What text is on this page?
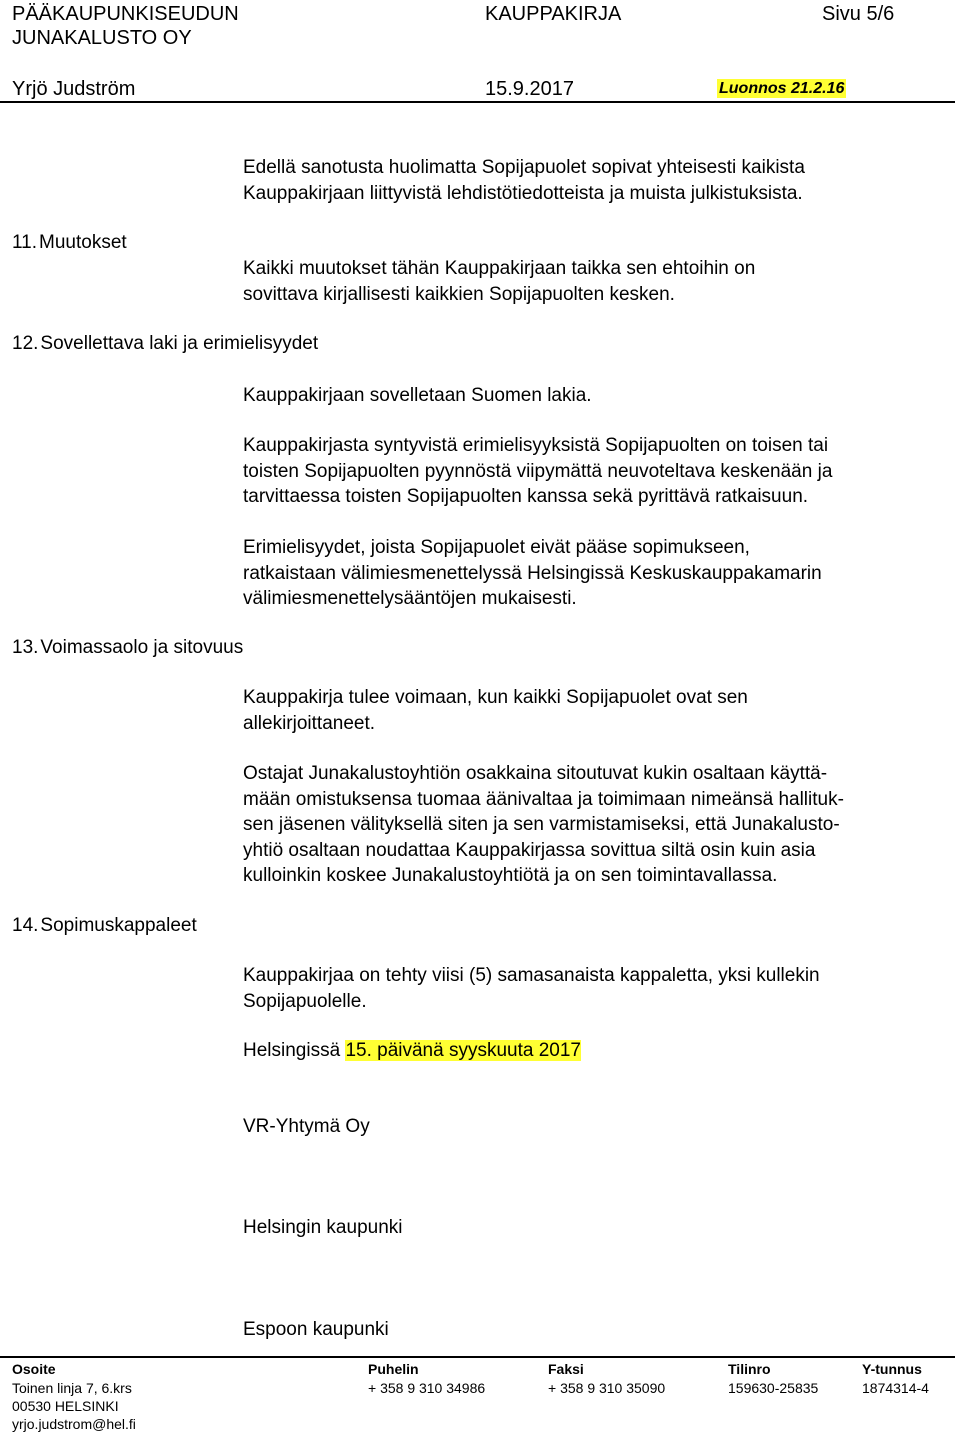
PÄÄKAUPUNKISEUDUN
JUNAKALUSTO OY
KAUPPAKIRJA	Sivu 5/6
Yrjö Judström	15.9.2017	Luonnos 21.2.16
Edellä sanotusta huolimatta Sopijapuolet sopivat yhteisesti kaikista
Kauppakirjaan liittyvistä lehdistötiedotteista ja muista julkistuksista.
11. Muutokset
Kaikki muutokset tähän Kauppakirjaan taikka sen ehtoihin on
sovittava kirjallisesti kaikkien Sopijapuolten kesken.
12. Sovellettava laki ja erimielisyydet
Kauppakirjaan sovelletaan Suomen lakia.
Kauppakirjasta syntyvistä erimielisyyksistä Sopijapuolten on toisen tai
toisten Sopijapuolten pyynnöstä viipymättä neuvoteltava keskenään ja
tarvittaessa toisten Sopijapuolten kanssa sekä pyrittävä ratkaisuun.
Erimielisyydet, joista Sopijapuolet eivät pääse sopimukseen,
ratkaistaan välimiesmenettelyssä Helsingissä Keskuskauppakamarin
välimiesmenettelysääntöjen mukaisesti.
13. Voimassaolo ja sitovuus
Kauppakirja tulee voimaan, kun kaikki Sopijapuolet ovat sen
allekirjoittaneet.
Ostajat Junakalustoyhtiön osakkaina sitoutuvat kukin osaltaan käyttä-
mään omistuksensa tuomaa äänivaltaa ja toimimaan nimeänsä hallituk-
sen jäsenen välityksellä siten ja sen varmistamiseksi, että Junakalusto-
yhtiö osaltaan noudattaa Kauppakirjassa sovittua siltä osin kuin asia
kulloinkin koskee Junakalustoyhtiötä ja on sen toimintavallassa.
14. Sopimuskappaleet
Kauppakirjaa on tehty viisi (5) samasanaista kappaletta, yksi kullekin
Sopijapuolelle.
Helsingissä 15. päivänä syyskuuta 2017
VR-Yhtymä Oy
Helsingin kaupunki
Espoon kaupunki
Osoite
Toinen linja 7, 6.krs
00530 HELSINKI
yrjo.judstrom@hel.fi
Puhelin
+ 358 9 310 34986
Faksi
+ 358 9 310 35090
Tilinro
159630-25835
Y-tunnus
1874314-4
